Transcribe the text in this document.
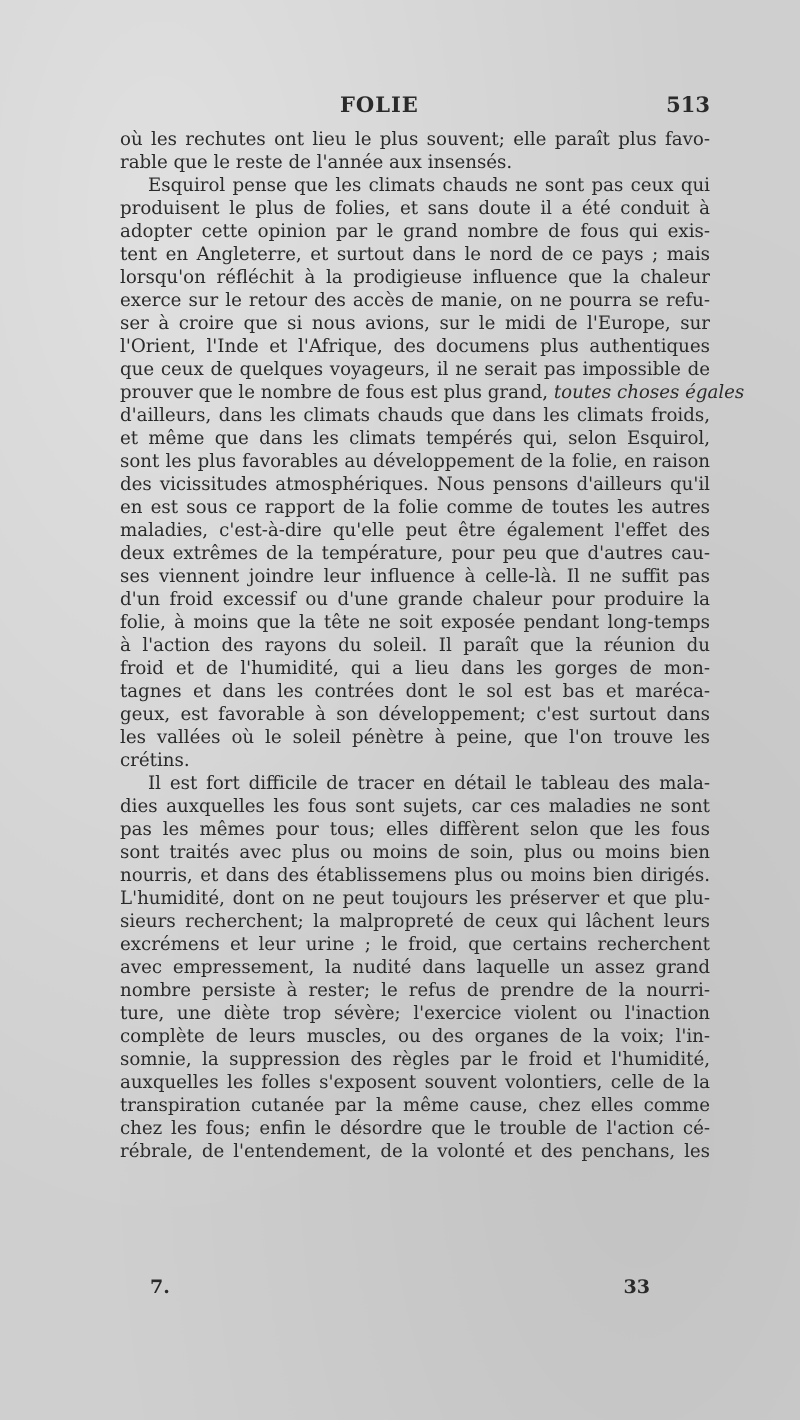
FOLIE	513
où les rechutes ont lieu le plus souvent; elle paraît plus favo-
rable que le reste de l'année aux insensés.
Esquirol pense que les climats chauds ne sont pas ceux qui
produisent le plus de folies, et sans doute il a été conduit à
adopter cette opinion par le grand nombre de fous qui exis-
tent en Angleterre, et surtout dans le nord de ce pays ; mais
lorsqu'on réfléchit à la prodigieuse influence que la chaleur
exerce sur le retour des accès de manie, on ne pourra se refu-
ser à croire que si nous avions, sur le midi de l'Europe, sur
l'Orient, l'Inde et l'Afrique, des documens plus authentiques
que ceux de quelques voyageurs, il ne serait pas impossible de
prouver que le nombre de fous est plus grand, toutes choses égales
d'ailleurs, dans les climats chauds que dans les climats froids,
et même que dans les climats tempérés qui, selon Esquirol,
sont les plus favorables au développement de la folie, en raison
des vicissitudes atmosphériques. Nous pensons d'ailleurs qu'il
en est sous ce rapport de la folie comme de toutes les autres
maladies, c'est-à-dire qu'elle peut être également l'effet des
deux extrêmes de la température, pour peu que d'autres cau-
ses viennent joindre leur influence à celle-là. Il ne suffit pas
d'un froid excessif ou d'une grande chaleur pour produire la
folie, à moins que la tête ne soit exposée pendant long-temps
à l'action des rayons du soleil. Il paraît que la réunion du
froid et de l'humidité, qui a lieu dans les gorges de mon-
tagnes et dans les contrées dont le sol est bas et maréca-
geux, est favorable à son développement; c'est surtout dans
les vallées où le soleil pénètre à peine, que l'on trouve les
crétins.
Il est fort difficile de tracer en détail le tableau des mala-
dies auxquelles les fous sont sujets, car ces maladies ne sont
pas les mêmes pour tous; elles diffèrent selon que les fous
sont traités avec plus ou moins de soin, plus ou moins bien
nourris, et dans des établissemens plus ou moins bien dirigés.
L'humidité, dont on ne peut toujours les préserver et que plu-
sieurs recherchent; la malpropreté de ceux qui lâchent leurs
excrémens et leur urine ; le froid, que certains recherchent
avec empressement, la nudité dans laquelle un assez grand
nombre persiste à rester; le refus de prendre de la nourri-
ture, une diète trop sévère; l'exercice violent ou l'inaction
complète de leurs muscles, ou des organes de la voix; l'in-
somnie, la suppression des règles par le froid et l'humidité,
auxquelles les folles s'exposent souvent volontiers, celle de la
transpiration cutanée par la même cause, chez elles comme
chez les fous; enfin le désordre que le trouble de l'action cé-
rébrale, de l'entendement, de la volonté et des penchans, les
7.	33
